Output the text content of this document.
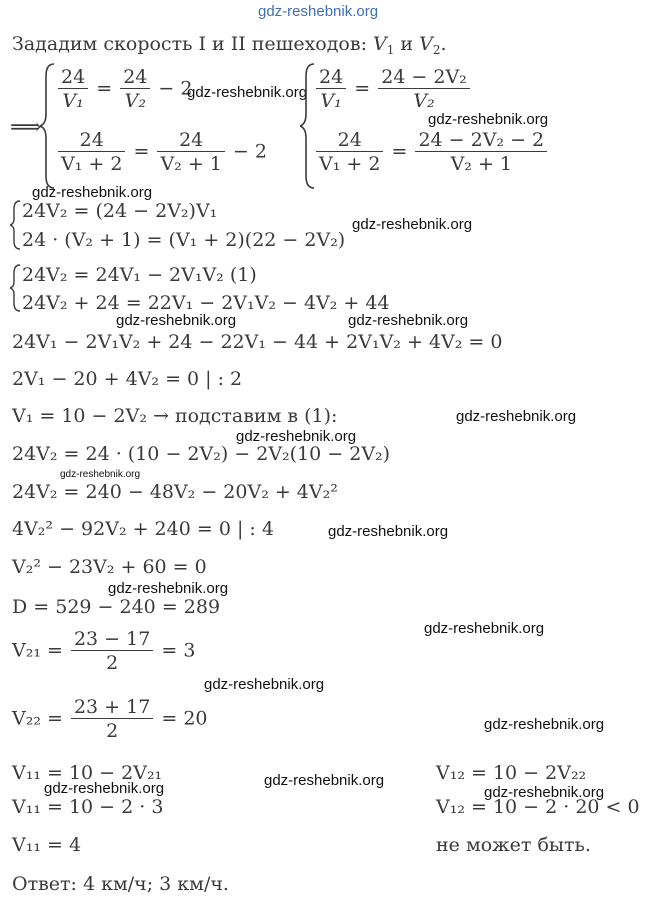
gdz-reshebnik.org
Зададим скорость I и II пешеходов: $V_1$ и $V_2$.
⟹
$\frac{24}{\text{V₁}} = \frac{24}{\text{V₂}} - 2$
$\frac{24}{\text{V₁ + 2}} = \frac{24}{\text{V₂ + 1}} - 2$
gdz-reshebnik.org $\frac{24}{\text{V₁}} = \frac{\text{24 − 2V₂}}{\text{V₂}}$
$\frac{24}{\text{V₁ + 2}} = \frac{\text{24 − 2V₂ − 2}}{\text{V₂ + 1}}$
gdz-reshebnik.org
gdz-reshebnik.org
24V₂ = (24 − 2V₂)V₁
24 · (V₂ + 1) = (V₁ + 2)(22 − 2V₂)
gdz-reshebnik.org
24V₂ = 24V₁ − 2V₁V₂ (1)
24V₂ + 24 = 22V₁ − 2V₁V₂ − 4V₂ + 44
gdz-reshebnik.org	gdz-reshebnik.org
24V₁ − 2V₁V₂ + 24 − 22V₁ − 44 + 2V₁V₂ + 4V₂ = 0
2V₁ − 20 + 4V₂ = 0 | : 2
V₁ = 10 − 2V₂ → подставим в (1):	gdz-reshebnik.org
gdz-reshebnik.org
24V₂ = 24 · (10 − 2V₂) − 2V₂(10 − 2V₂)
gdz-reshebnik.org
24V₂ = 240 − 48V₂ − 20V₂ + 4V₂²
4V₂² − 92V₂ + 240 = 0 | : 4	gdz-reshebnik.org
V₂² − 23V₂ + 60 = 0
gdz-reshebnik.org
D = 529 − 240 = 289
gdz-reshebnik.org
$V_{21} = \frac{23 - 17}{2} = 3$
gdz-reshebnik.org
$V_{22} = \frac{23 + 17}{2} = 20$	gdz-reshebnik.org
V₁₁ = 10 − 2V₂₁	V₁₂ = 10 − 2V₂₂
gdz-reshebnik.org
gdz-reshebnik.org
V₁₁ = 10 − 2 · 3	V₁₂ = 10 − 2 · 20 < 0
gdz-reshebnik.org
V₁₁ = 4	не может быть.
Ответ: 4 км/ч; 3 км/ч.
